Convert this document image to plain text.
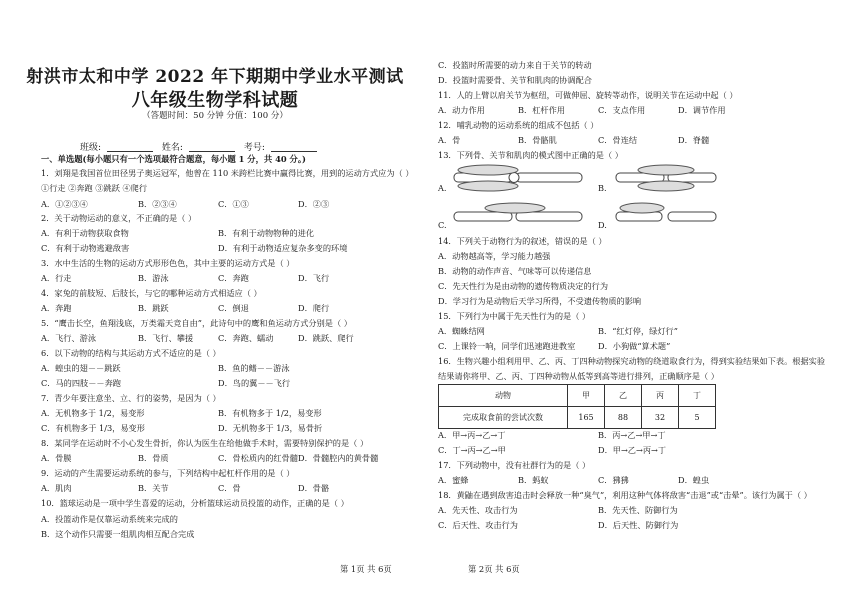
射洪市太和中学 2022 年下期期中学业水平测试
八年级生物学科试题
（答题时间：50 分钟 分值：100 分）
班级:	姓名:	考号:
一、单选题(每小题只有一个选项最符合题意，每小题 1 分，共 40 分。)
1．刘翔是我国首位田径男子奥运冠军，他曾在 110 米跨栏比赛中赢得比赛，用到的运动方式应为（ ）
①行走 ②奔跑 ③跳跃 ④爬行
A．①②③④	B．②③④	C．①③	D．②③
2．关于动物运动的意义，不正确的是（ ）
A．有利于动物获取食物	B．有利于动物物种的进化
C．有利于动物逃避敌害	D．有利于动物适应复杂多变的环境
3．水中生活的生物的运动方式形形色色，其中主要的运动方式是（ ）
A．行走	B．游泳	C．奔跑	D．飞行
4．家兔的前肢短、后肢长，与它的哪种运动方式相适应（ ）
A．奔跑	B．跳跃	C．倒退	D．爬行
5．“鹰击长空，鱼翔浅底，万类霜天竞自由”，此诗句中的鹰和鱼运动方式分别是（ ）
A．飞行、游泳	B．飞行、攀援	C．奔跑、蠕动	D．跳跃、爬行
6．以下动物的结构与其运动方式不适应的是（ ）
A．蝗虫的翅－－跳跃	B．鱼的鳍－－游泳
C．马的四肢－－奔跑	D．鸟的翼－－飞行
7．青少年要注意坐、立、行的姿势，是因为（ ）
A．无机物多于 1/2，易变形	B．有机物多于 1/2，易变形
C．有机物多于 1/3，易变形	D．无机物多于 1/3，易骨折
8．某同学在运动时不小心发生骨折，你认为医生在给他做手术时，需要特别保护的是（ ）
A．骨膜	B．骨质	C．骨松质内的红骨髓 D．骨髓腔内的黄骨髓
9．运动的产生需要运动系统的参与，下列结构中起杠杆作用的是（ ）
A．肌肉	B．关节	C．骨	D．骨骼
10．篮球运动是一项中学生喜爱的运动，分析篮球运动员投篮的动作，正确的是（ ）
A．投篮动作是仅靠运动系统来完成的
B．这个动作只需要一组肌肉相互配合完成
第 1页 共 6页
C．投篮时所需要的动力来自于关节的转动
D．投篮时需要骨、关节和肌肉的协调配合
11．人的上臂以肩关节为枢纽，可做伸屈、旋转等动作，说明关节在运动中起（ ）
A．动力作用	B．杠杆作用	C．支点作用	D．调节作用
12．哺乳动物的运动系统的组成不包括（ ）
A．骨	B．骨骼肌	C．骨连结	D．脊髓
13．下列骨、关节和肌肉的模式图中正确的是（ ）
A.	B.
C.	D.
14．下列关于动物行为的叙述，错误的是（ ）
A．动物越高等，学习能力越强
B．动物的动作声音、气味等可以传递信息
C．先天性行为是由动物的遗传物质决定的行为
D．学习行为是动物后天学习所得，不受遗传物质的影响
15．下列行为中属于先天性行为的是（ ）
A．蜘蛛结网	B．“红灯停，绿灯行”
C．上课铃一响，同学们迅速跑进教室	D．小狗做“算术题”
16．生物兴趣小组利用甲、乙、丙、丁四种动物探究动物的绕道取食行为，得到实验结果如下表。根据实验
结果请你将甲、乙、丙、丁四种动物从低等到高等进行排列，正确顺序是（ ）
动物	甲	乙	丙	丁
完成取食前的尝试次数	165	88	32	5
A．甲→丙→乙→丁	B．丙→乙→甲→丁
C．丁→丙→乙→甲	D．甲→乙→丙→丁
17．下列动物中，没有社群行为的是（ ）
A．蜜蜂	B．蚂蚁	C．狒狒	D．蝗虫
18．黄鼬在遇到敌害追击时会释放一种“臭气”，利用这种气体将敌害“击退”或“击晕”。该行为属于（ ）
A．先天性、攻击行为	B．先天性、防御行为
C．后天性、攻击行为	D．后天性、防御行为
第 2页 共 6页
